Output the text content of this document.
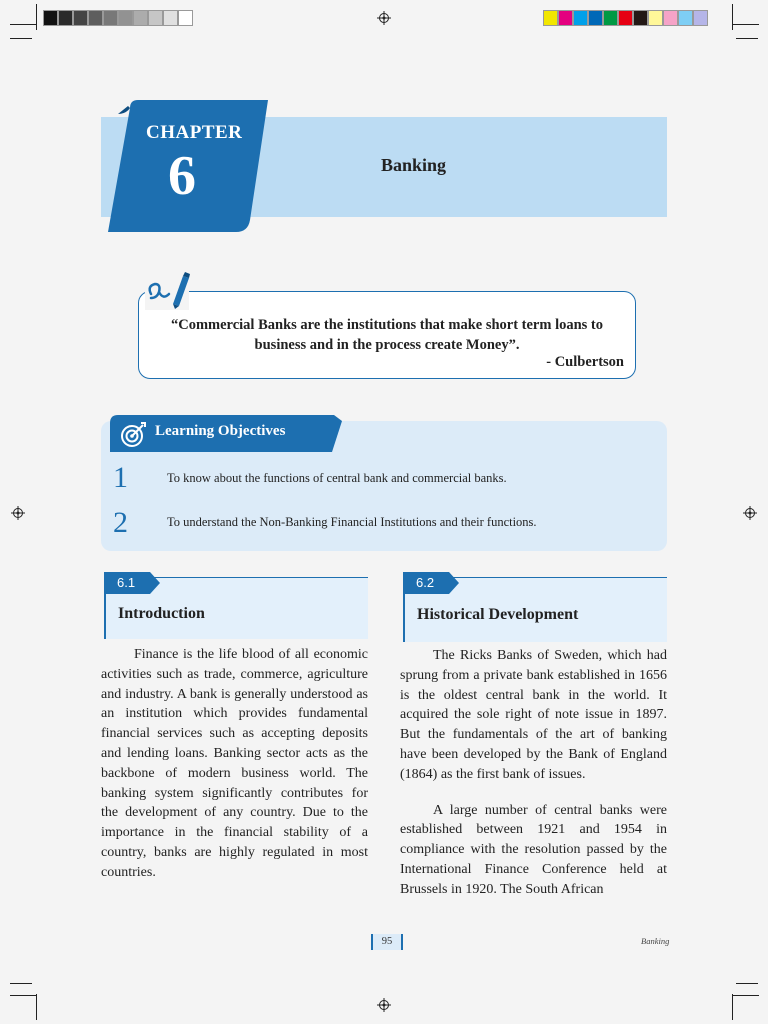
CHAPTER
6	Banking
“Commercial Banks are the institutions that make short term loans to
business and in the process create Money”.
- Culbertson
Learning Objectives
1	To know about the functions of central bank and commercial banks.
2	To understand the Non-Banking Financial Institutions and their functions.
6.1
Introduction

Finance is the life blood of all economic activities such as trade, commerce, agriculture and industry. A bank is generally understood as an institution which provides fundamental financial services such as accepting deposits and lending loans. Banking sector acts as the backbone of modern business world. The banking system significantly contributes for the development of any country. Due to the importance in the financial stability of a country, banks are highly regulated in most countries.

6.2
Historical Development

The Ricks Banks of Sweden, which had sprung from a private bank established in 1656 is the oldest central bank in the world. It acquired the sole right of note issue in 1897. But the fundamentals of the art of banking have been developed by the Bank of England (1864) as the first bank of issues.

A large number of central banks were established between 1921 and 1954 in compliance with the resolution passed by the International Finance Conference held at Brussels in 1920. The South African

95	Banking
